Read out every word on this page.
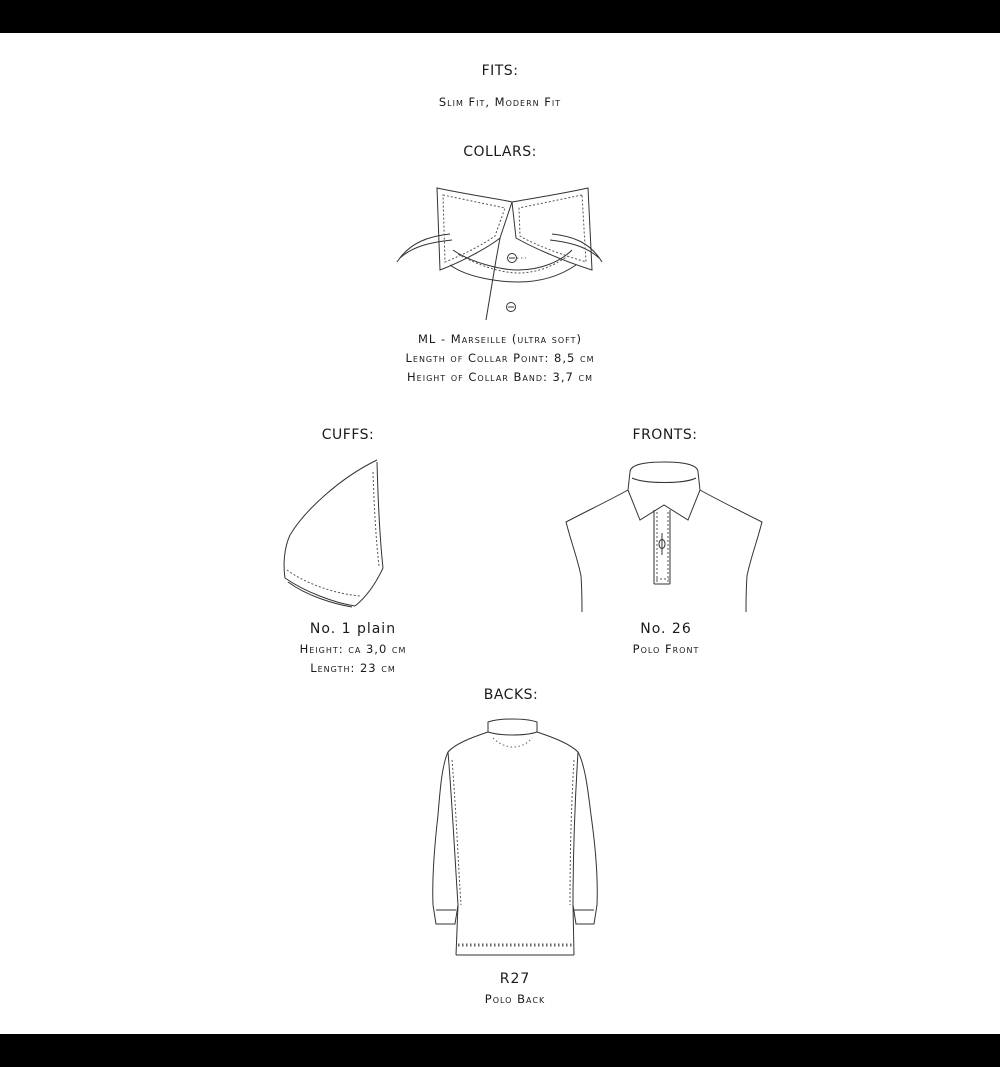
FITS:
Slim Fit, Modern Fit
COLLARS:
ML - Marseille (ultra soft)
Length of Collar Point: 8,5 cm
Height of Collar Band: 3,7 cm
CUFFS:
No. 1 plain
Height: ca 3,0 cm
Length: 23 cm
FRONTS:
No. 26
Polo Front
BACKS:
R27
Polo Back
